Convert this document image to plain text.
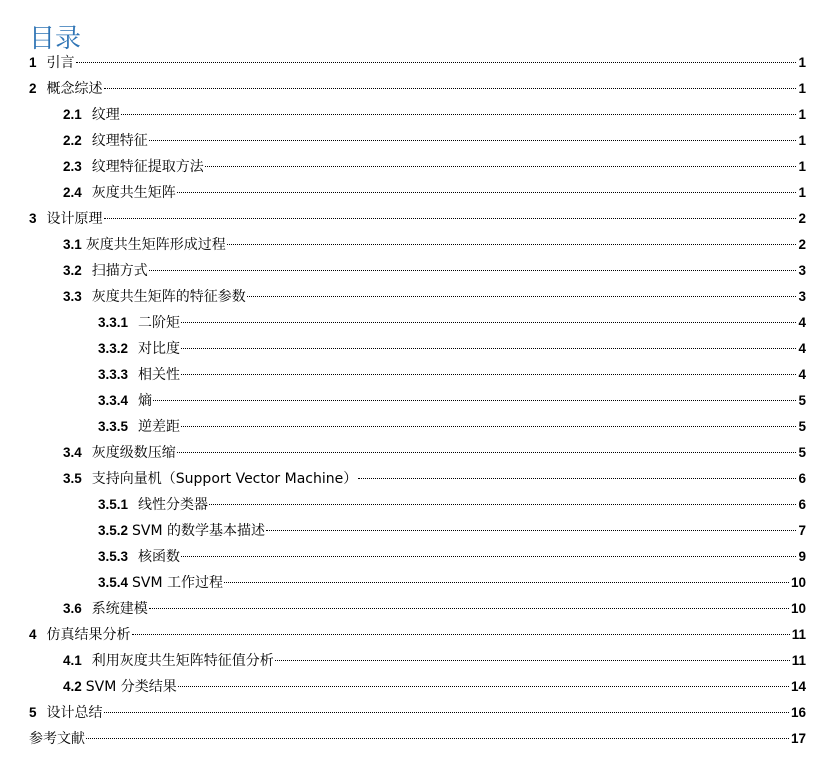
目录
1 引言	1
2 概念综述	1
2.1 纹理	1
2.2 纹理特征	1
2.3 纹理特征提取方法	1
2.4 灰度共生矩阵	1
3 设计原理	2
3.1 灰度共生矩阵形成过程	2
3.2 扫描方式	3
3.3 灰度共生矩阵的特征参数	3
3.3.1 二阶矩	4
3.3.2 对比度	4
3.3.3 相关性	4
3.3.4 熵	5
3.3.5 逆差距	5
3.4 灰度级数压缩	5
3.5 支持向量机（Support Vector Machine）	6
3.5.1 线性分类器	6
3.5.2 SVM 的数学基本描述	7
3.5.3 核函数	9
3.5.4 SVM 工作过程	10
3.6 系统建模	10
4 仿真结果分析	11
4.1 利用灰度共生矩阵特征值分析	11
4.2 SVM 分类结果	14
5 设计总结	16
参考文献	17
